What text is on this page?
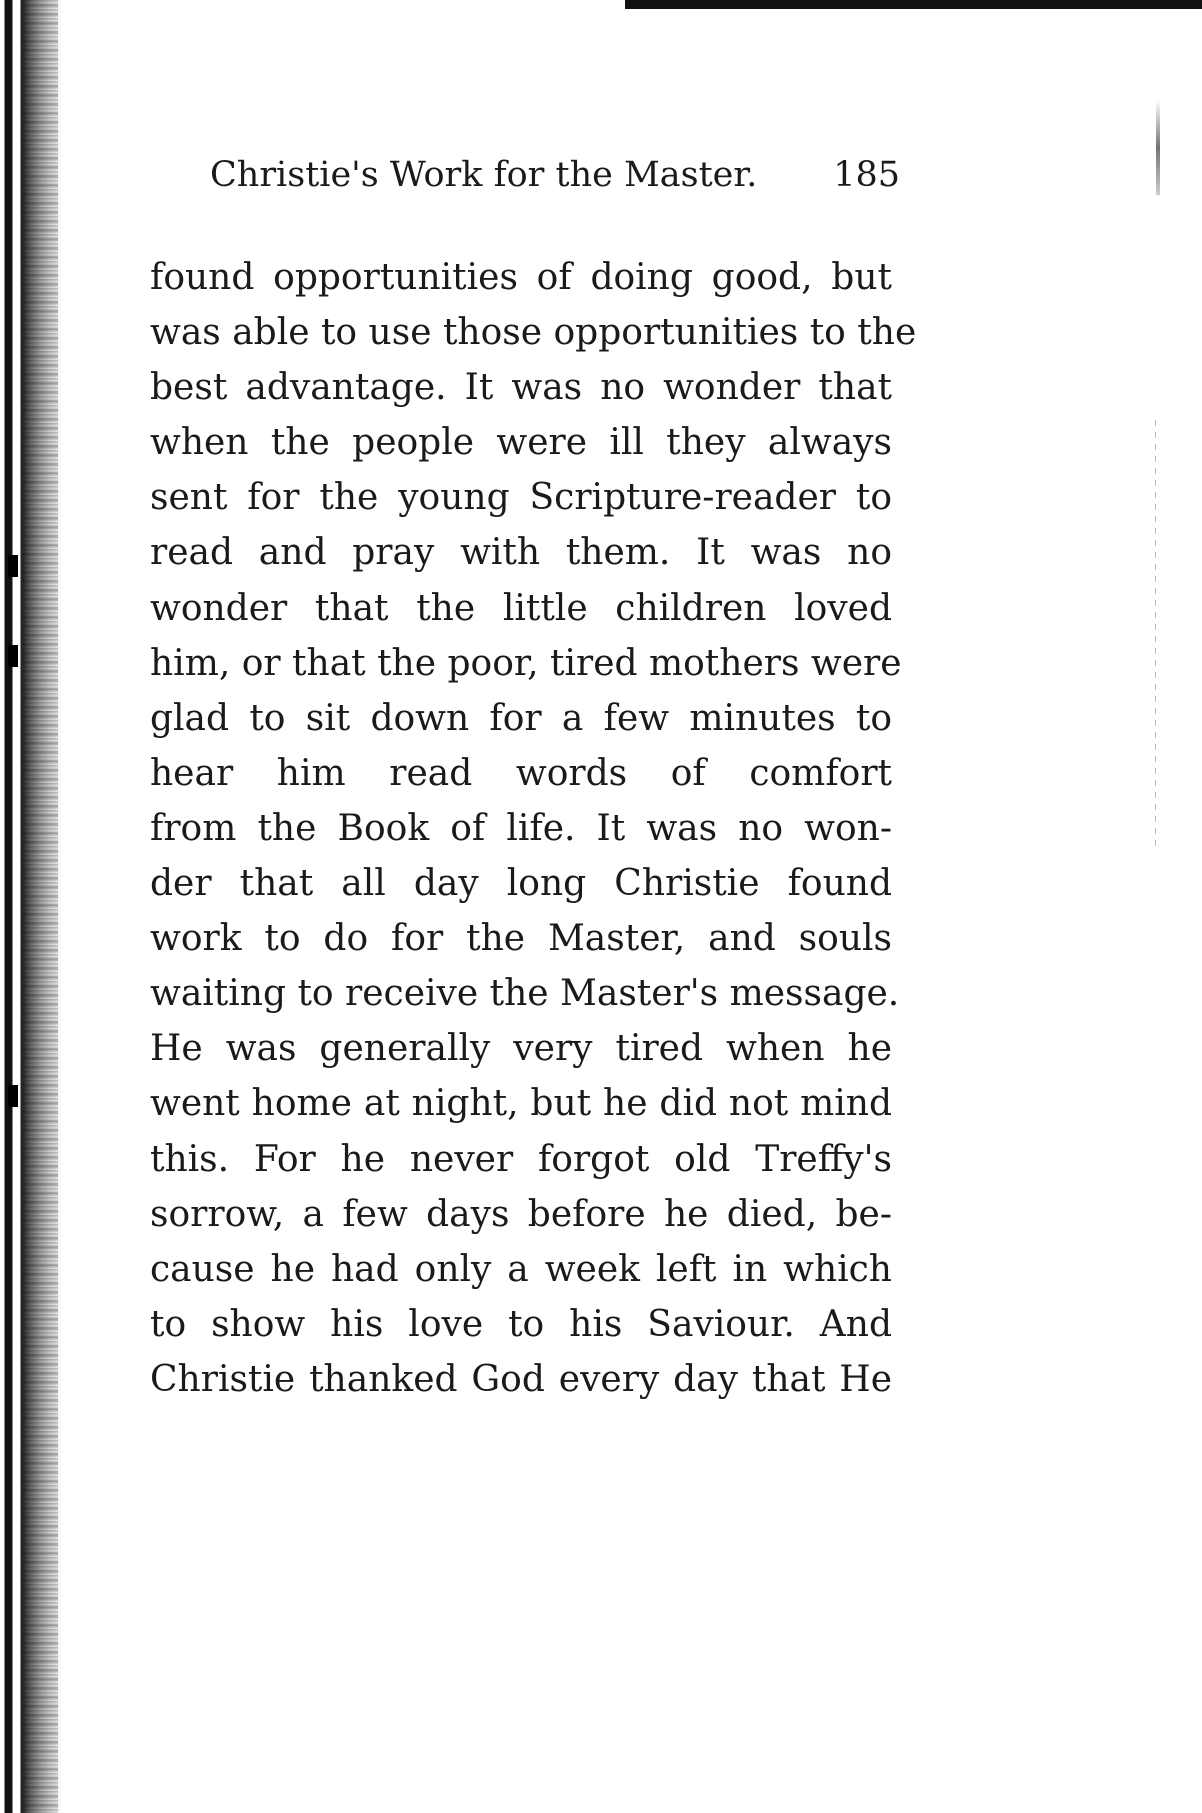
Christie's Work for the Master. 185
found opportunities of doing good, but
was able to use those opportunities to the
best advantage. It was no wonder that
when the people were ill they always
sent for the young Scripture-reader to
read and pray with them. It was no
wonder that the little children loved
him, or that the poor, tired mothers were
glad to sit down for a few minutes to
hear him read words of comfort
from the Book of life. It was no won-
der that all day long Christie found
work to do for the Master, and souls
waiting to receive the Master's message.
He was generally very tired when he
went home at night, but he did not mind
this. For he never forgot old Treffy's
sorrow, a few days before he died, be-
cause he had only a week left in which
to show his love to his Saviour. And
Christie thanked God every day that He
